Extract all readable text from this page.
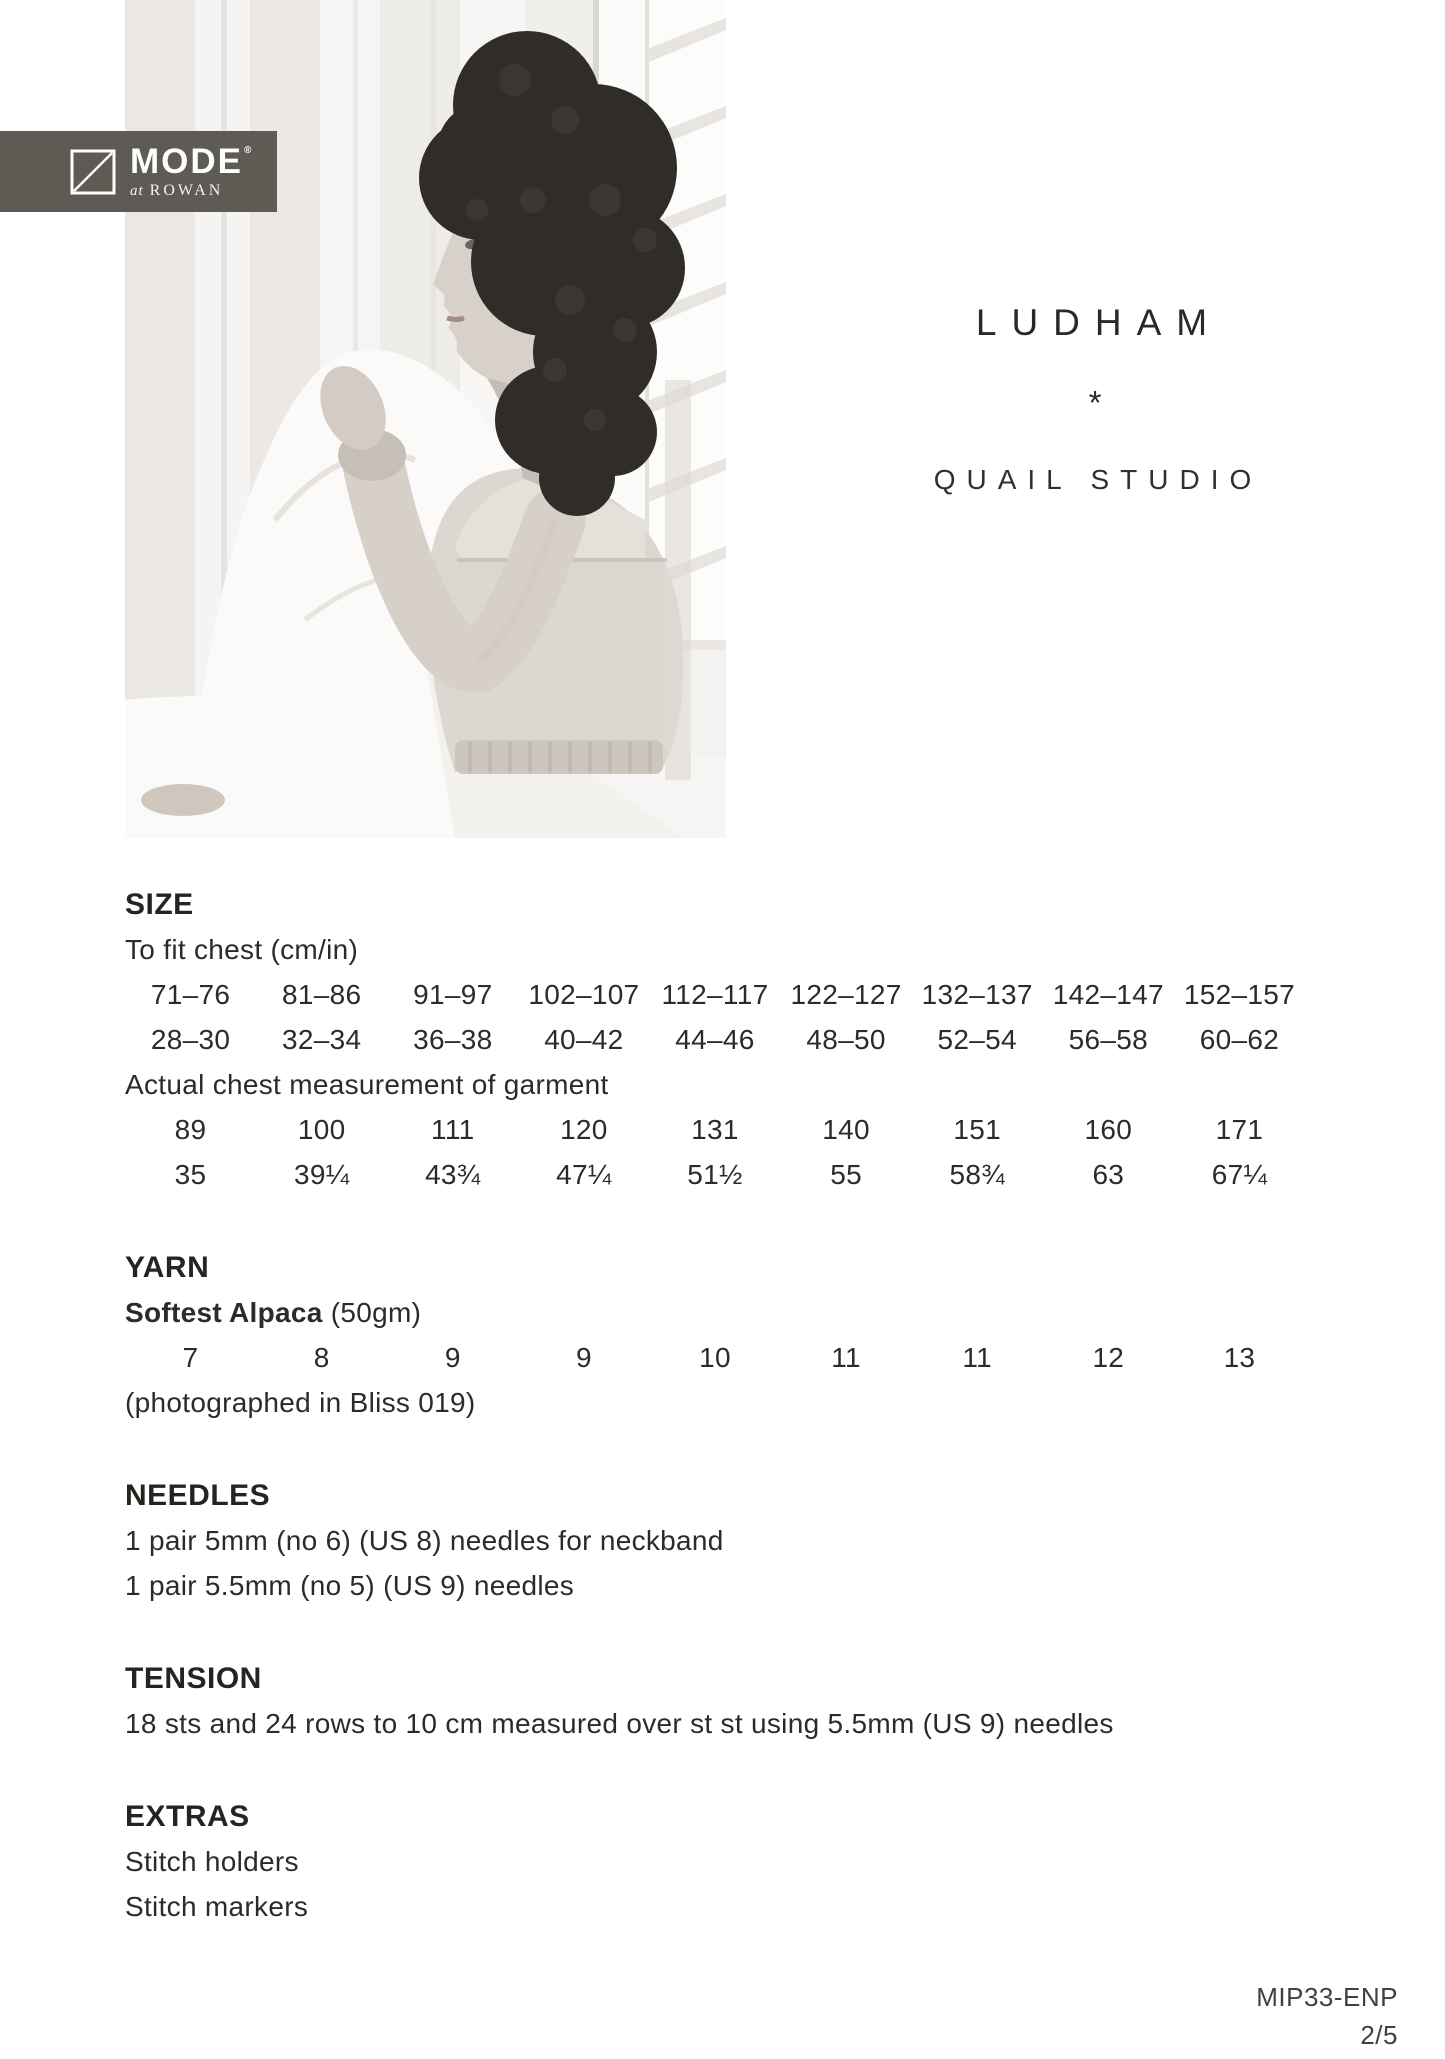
MODE ®
at ROWAN
LUDHAM
*
QUAIL STUDIO
SIZE
To fit chest (cm/in)
71–76	81–86	91–97	102–107 112–117 122–127 132–137 142–147 152–157
28–30	32–34	36–38	40–42	44–46	48–50	52–54	56–58	60–62
Actual chest measurement of garment
89	100	111	120	131	140	151	160	171
35	39¼	43¾	47¼	51½	55	58¾	63	67¼
YARN
Softest Alpaca (50gm)
7	8	9	9	10	11	11	12	13
(photographed in Bliss 019)
NEEDLES
1 pair 5mm (no 6) (US 8) needles for neckband
1 pair 5.5mm (no 5) (US 9) needles
TENSION
18 sts and 24 rows to 10 cm measured over st st using 5.5mm (US 9) needles
EXTRAS
Stitch holders
Stitch markers
MIP33-ENP
2/5
